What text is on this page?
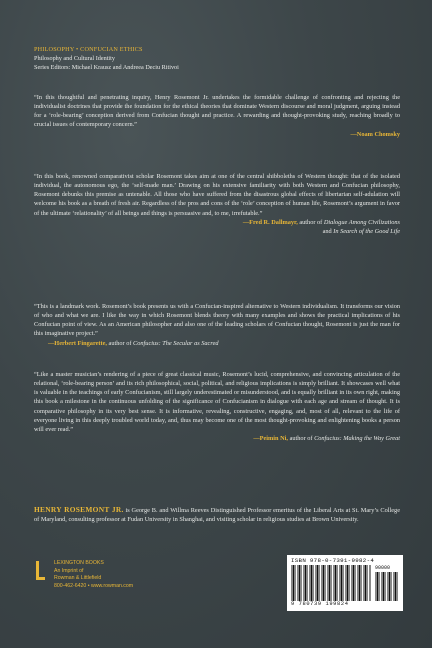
PHILOSOPHY • CONFUCIAN ETHICS
Philosophy and Cultural Identity
Series Editors: Michael Krausz and Andreea Deciu Ritivoi
“In this thoughtful and penetrating inquiry, Henry Rosemont Jr. undertakes the formidable challenge of confronting and rejecting the individualist doctrines that provide the foundation for the ethical theories that dominate Western discourse and moral judgment, arguing instead for a ‘role-bearing’ conception derived from Confucian thought and practice. A rewarding and thought-provoking study, reaching broadly to crucial issues of contemporary concern.”
—Noam Chomsky
“In this book, renowned comparativist scholar Rosemont takes aim at one of the central shibboleths of Western thought: that of the isolated individual, the autonomous ego, the ‘self-made man.’ Drawing on his extensive familiarity with both Western and Confucian philosophy, Rosemont debunks this premise as untenable. All those who have suffered from the disastrous global effects of libertarian self-adulation will welcome his book as a breath of fresh air. Regardless of the pros and cons of the ‘role’ conception of human life, Rosemont’s argument in favor of the ultimate ‘relationality’ of all beings and things is persuasive and, to me, irrefutable.”
—Fred R. Dallmayr, author of Dialogue Among Civilizations
and In Search of the Good Life
“This is a landmark work. Rosemont’s book presents us with a Confucian-inspired alternative to Western individualism. It transforms our vision of who and what we are. I like the way in which Rosemont blends theory with many examples and shows the practical implications of his Confucian point of view. As an American philosopher and also one of the leading scholars of Confucian thought, Rosemont is just the man for this imaginative project.”
—Herbert Fingarette, author of Confucius: The Secular as Sacred
“Like a master musician’s rendering of a piece of great classical music, Rosemont’s lucid, comprehensive, and convincing articulation of the relational, ‘role-bearing person’ and its rich philosophical, social, political, and religious implications is simply brilliant. It showcases well what is valuable in the teachings of early Confucianism, still largely underestimated or misunderstood, and is equally brilliant in its own right, making this book a milestone in the continuous unfolding of the significance of Confucianism in dialogue with each age and stream of thought. It is comparative philosophy in its very best sense. It is informative, revealing, constructive, engaging, and, most of all, relevant to the life of everyone living in this deeply troubled world today, and, thus may become one of the most thought-provoking and enlightening books a person will ever read.”
—Peimin Ni, author of Confucius: Making the Way Great
HENRY ROSEMONT JR. is George B. and Willma Reeves Distinguished Professor emeritus of the Liberal Arts at St. Mary’s College of Maryland, consulting professor at Fudan University in Shanghai, and visiting scholar in religious studies at Brown University.
LEXINGTON BOOKS
An Imprint of
Rowman & Littlefield
800-462-6420 • www.rowman.com
ISBN 978-0-7391-9982-4
90000
9 780739 199824
